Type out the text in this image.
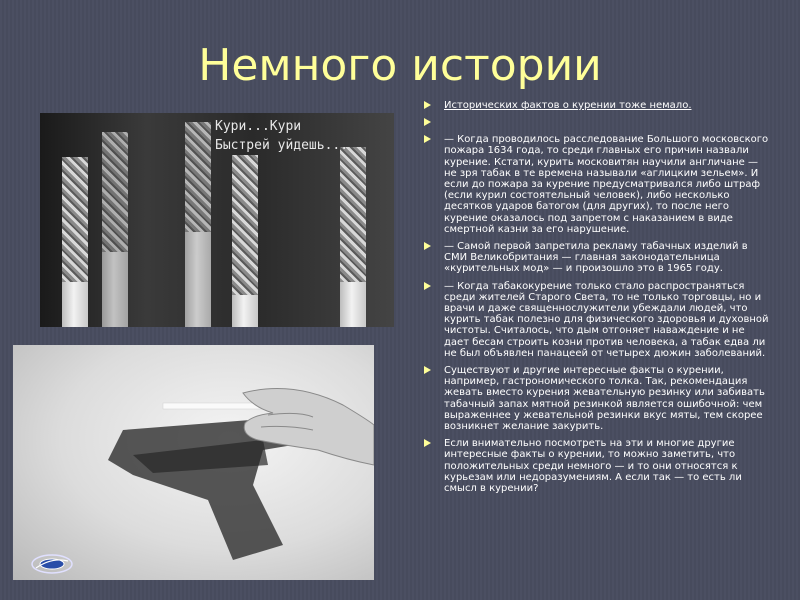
Немного истории
Кури...Кури
Быстрей уйдешь...
Исторических фактов о курении тоже немало.
— Когда проводилось расследование Большого московского пожара 1634 года, то среди главных его причин назвали курение. Кстати, курить московитян научили англичане — не зря табак в те времена называли «аглицким зельем». И если до пожара за курение предусматривался либо штраф (если курил состоятельный человек), либо несколько десятков ударов батогом (для других), то после него курение оказалось под запретом с наказанием в виде смертной казни за его нарушение.
— Самой первой запретила рекламу табачных изделий в СМИ Великобритания — главная законодательница «курительных мод» — и произошло это в 1965 году.
— Когда табакокурение только стало распространяться среди жителей Старого Света, то не только торговцы, но и врачи и даже священнослужители убеждали людей, что курить табак полезно для физического здоровья и духовной чистоты. Считалось, что дым отгоняет наваждение и не дает бесам строить козни против человека, а табак едва ли не был объявлен панацеей от четырех дюжин заболеваний.
Существуют и другие интересные факты о курении, например, гастрономического толка. Так, рекомендация жевать вместо курения жевательную резинку или забивать табачный запах мятной резинкой является ошибочной: чем выраженнее у жевательной резинки вкус мяты, тем скорее возникнет желание закурить.
Если внимательно посмотреть на эти и многие другие интересные факты о курении, то можно заметить, что положительных среди немного — и то они относятся к курьезам или недоразумениям. А если так — то есть ли смысл в курении?
